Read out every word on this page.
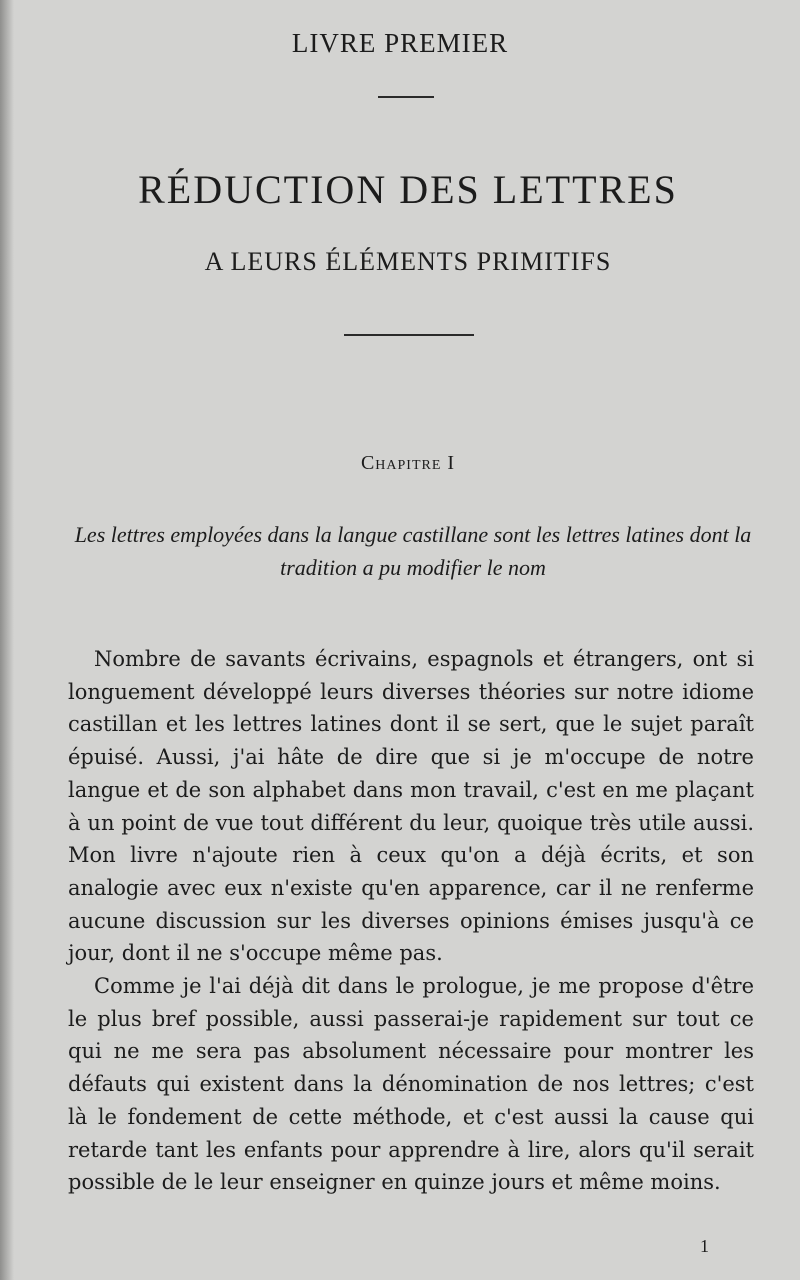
LIVRE PREMIER
RÉDUCTION DES LETTRES
A LEURS ÉLÉMENTS PRIMITIFS
Chapitre I
Les lettres employées dans la langue castillane sont les lettres latines dont la tradition a pu modifier le nom

Nombre de savants écrivains, espagnols et étrangers, ont si longuement développé leurs diverses théories sur notre idiome castillan et les lettres latines dont il se sert, que le sujet paraît épuisé. Aussi, j'ai hâte de dire que si je m'occupe de notre langue et de son alphabet dans mon travail, c'est en me plaçant à un point de vue tout différent du leur, quoique très utile aussi. Mon livre n'ajoute rien à ceux qu'on a déjà écrits, et son analogie avec eux n'existe qu'en apparence, car il ne renferme aucune discussion sur les diverses opinions émises jusqu'à ce jour, dont il ne s'occupe même pas.

Comme je l'ai déjà dit dans le prologue, je me propose d'être le plus bref possible, aussi passerai-je rapidement sur tout ce qui ne me sera pas absolument nécessaire pour montrer les défauts qui existent dans la dénomination de nos lettres; c'est là le fondement de cette méthode, et c'est aussi la cause qui retarde tant les enfants pour apprendre à lire, alors qu'il serait possible de le leur enseigner en quinze jours et même moins.

1
